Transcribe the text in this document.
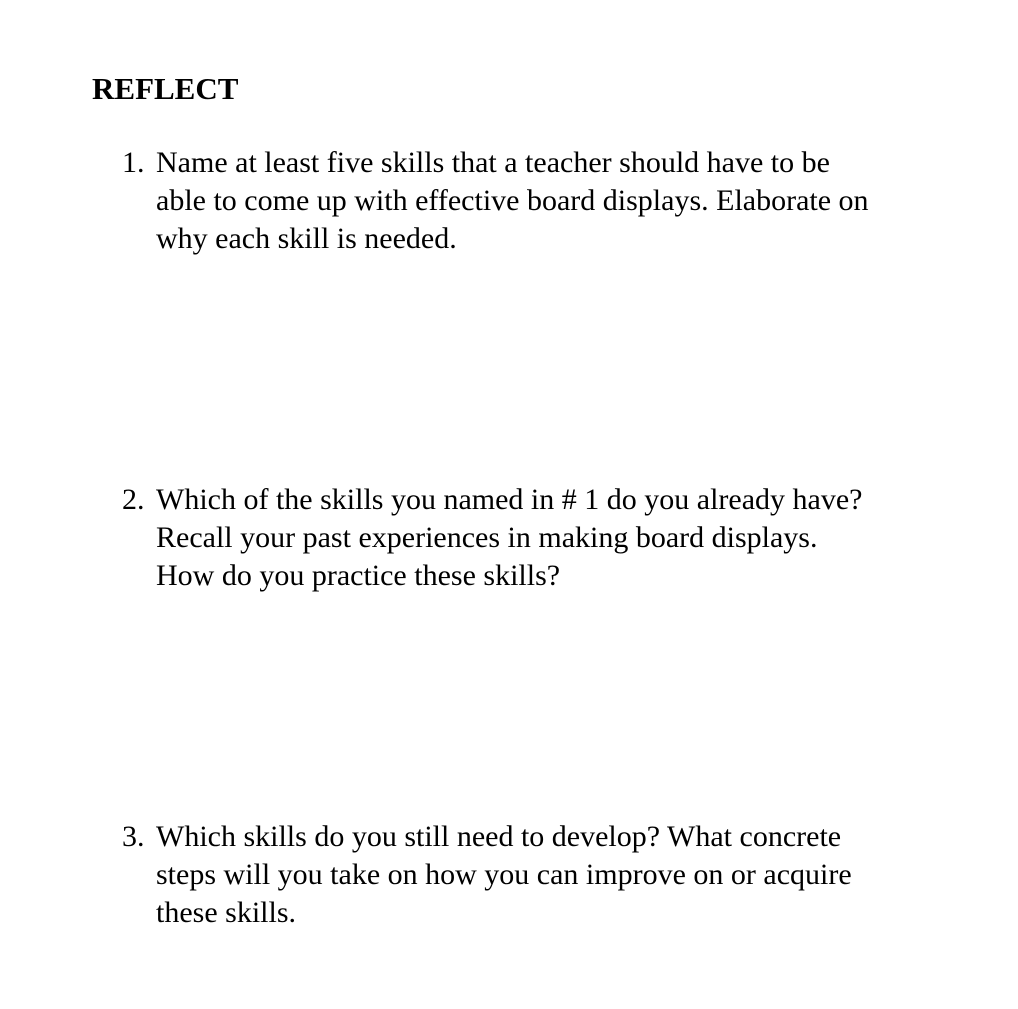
REFLECT
1. Name at least five skills that a teacher should have to be
able to come up with effective board displays. Elaborate on
why each skill is needed.
2. Which of the skills you named in # 1 do you already have?
Recall your past experiences in making board displays.
How do you practice these skills?
3. Which skills do you still need to develop? What concrete
steps will you take on how you can improve on or acquire
these skills.
